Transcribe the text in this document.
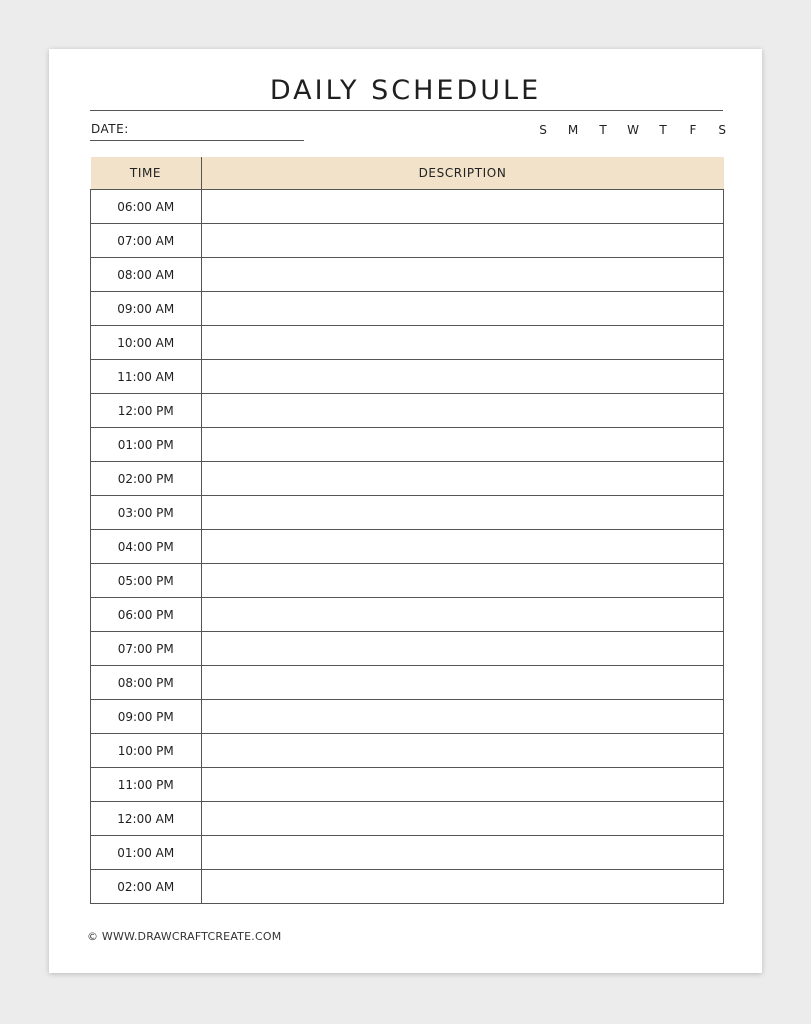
DAILY SCHEDULE
DATE:	S	M	T	W	T	F	S
TIME	DESCRIPTION
06:00 AM	
07:00 AM	
08:00 AM	
09:00 AM	
10:00 AM	
11:00 AM	
12:00 PM	
01:00 PM	
02:00 PM	
03:00 PM	
04:00 PM	
05:00 PM	
06:00 PM	
07:00 PM	
08:00 PM	
09:00 PM	
10:00 PM	
11:00 PM	
12:00 AM	
01:00 AM	
02:00 AM	
© WWW.DRAWCRAFTCREATE.COM
